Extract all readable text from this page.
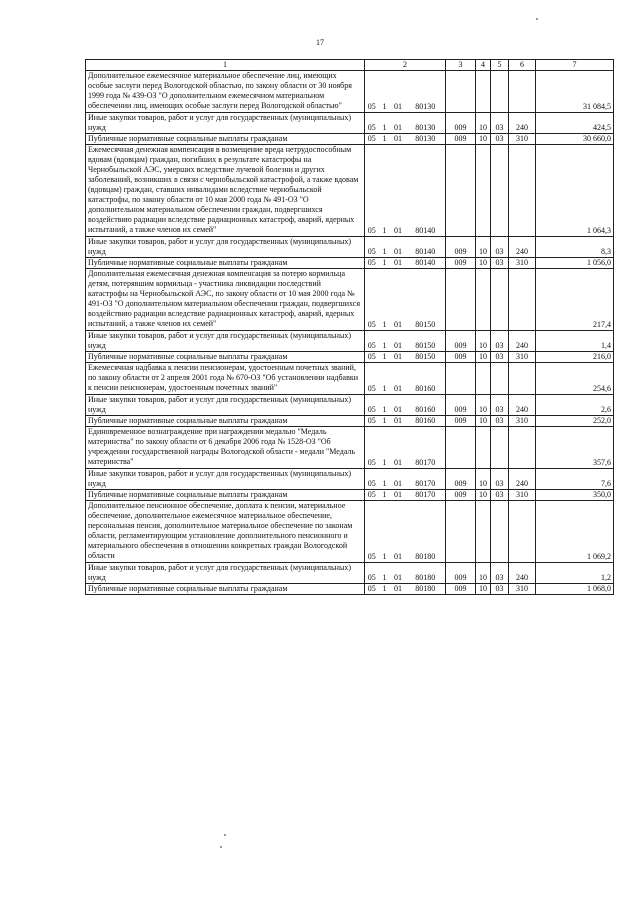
17
1	2				3	4	5	6	7
Дополнительное ежемесячное материальное обеспечение лиц, имеющих особые заслуги перед Вологодской областью, по закону области от 30 ноября 1999 года № 439-ОЗ "О дополнительном ежемесячном материальном обеспечении лиц, имеющих особые заслуги перед Вологодской областью"	05	1	01	80130					31 084,5
Иные закупки товаров, работ и услуг для государственных (муниципальных) нужд	05	1	01	80130	009	10	03	240	424,5
Публичные нормативные социальные выплаты гражданам	05	1	01	80130	009	10	03	310	30 660,0
Ежемесячная денежная компенсация в возмещение вреда нетрудоспособным вдовам (вдовцам) граждан, погибших в результате катастрофы на Чернобыльской АЭС, умерших вследствие лучевой болезни и других заболеваний, возникших в связи с чернобыльской катастрофой, а также вдовам (вдовцам) граждан, ставших инвалидами вследствие чернобыльской катастрофы, по закону области от 10 мая 2000 года № 491-ОЗ "О дополнительном материальном обеспечении граждан, подвергшихся воздействию радиации вследствие радиационных катастроф, аварий, ядерных испытаний, а также членов их семей"	05	1	01	80140					1 064,3
Иные закупки товаров, работ и услуг для государственных (муниципальных) нужд	05	1	01	80140	009	10	03	240	8,3
Публичные нормативные социальные выплаты гражданам	05	1	01	80140	009	10	03	310	1 056,0
Дополнительная ежемесячная денежная компенсация за потерю кормильца детям, потерявшим кормильца - участника ликвидации последствий катастрофы на Чернобыльской АЭС, по закону области от 10 мая 2000 года № 491-ОЗ "О дополнительном материальном обеспечении граждан, подвергшихся воздействию радиации вследствие радиационных катастроф, аварий, ядерных испытаний, а также членов их семей"	05	1	01	80150					217,4
Иные закупки товаров, работ и услуг для государственных (муниципальных) нужд	05	1	01	80150	009	10	03	240	1,4
Публичные нормативные социальные выплаты гражданам	05	1	01	80150	009	10	03	310	216,0
Ежемесячная надбавка к пенсии пенсионерам, удостоенным почетных званий, по закону области от 2 апреля 2001 года № 670-ОЗ "Об установлении надбавки к пенсии пенсионерам, удостоенным почетных званий"	05	1	01	80160					254,6
Иные закупки товаров, работ и услуг для государственных (муниципальных) нужд	05	1	01	80160	009	10	03	240	2,6
Публичные нормативные социальные выплаты гражданам	05	1	01	80160	009	10	03	310	252,0
Единовременное вознаграждение при награждении медалью "Медаль материнства" по закону области от 6 декабря 2006 года № 1528-ОЗ "Об учреждении государственной награды Вологодской области - медали "Медаль материнства"	05	1	01	80170					357,6
Иные закупки товаров, работ и услуг для государственных (муниципальных) нужд	05	1	01	80170	009	10	03	240	7,6
Публичные нормативные социальные выплаты гражданам	05	1	01	80170	009	10	03	310	350,0
Дополнительное пенсионное обеспечение, доплата к пенсии, материальное обеспечение, дополнительное ежемесячное материальное обеспечение, персональная пенсия, дополнительное материальное обеспечение по законам области, регламентирующим установление дополнительного пенсионного и материального обеспечения в отношении конкретных граждан Вологодской области	05	1	01	80180					1 069,2
Иные закупки товаров, работ и услуг для государственных (муниципальных) нужд	05	1	01	80180	009	10	03	240	1,2
Публичные нормативные социальные выплаты гражданам	05	1	01	80180	009	10	03	310	1 068,0
